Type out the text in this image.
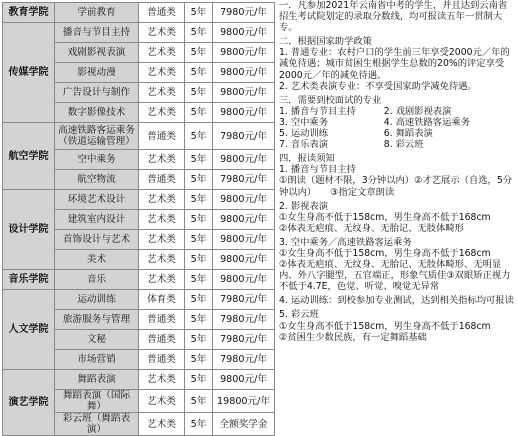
教育学院	学前教育	普通类	5年	7980元/年
传媒学院	播音与节目主持	艺术类	5年	9800元/年
	戏剧影视表演	艺术类	5年	9800元/年
	影视动漫	艺术类	5年	9800元/年
	广告设计与制作	艺术类	5年	9800元/年
	数字影像技术	艺术类	5年	9800元/年
航空学院	高速铁路客运乘务（铁道运输管理）	普通类	5年	7980元/年
	空中乘务	艺术类	5年	9800元/年
	航空物流	普通类	5年	7980元/年
设计学院	环境艺术设计	艺术类	5年	9800元/年
	建筑室内设计	艺术类	5年	9800元/年
	首饰设计与艺术	艺术类	5年	9800元/年
	美术	艺术类	5年	9800元/年
音乐学院	音乐	艺术类	5年	9800元/年
人文学院	运动训练	体育类	5年	7980元/年
	旅游服务与管理	普通类	5年	7980元/年
	文秘	普通类	5年	7980元/年
	市场营销	普通类	5年	7980元/年
演艺学院	舞蹈表演	艺术类	5年	9800元/年
	舞蹈表演（国际舞）	艺术类	5年	19800元/年
	彩云班（舞蹈表演）	艺术类	5年	全额奖学金

一．凡参加2021年云南省中考的学生，并且达到云南省招生考试院划定的录取分数线，均可报读五年一贯制大专。

二．根据国家助学政策
1. 普通专业：农村户口的学生前三年享受2000元／年的减免待遇；城市贫困生根据学生总数的20%的评定享受2000元／年的减免待遇。
2. 艺术类表演专业：不享受国家助学减免待遇。

三．需要到校面试的专业
1. 播音与节目主持　　　2. 戏剧影视表演
3. 空中乘务　　　　　　4. 高速铁路客运乘务
5. 运动训练　　　　　　6. 舞蹈表演
7. 音乐表演　　　　　　8. 彩云班

四．报读须知
1. 播音与节目主持
①朗读（题材不限，3分钟以内）②才艺展示（自选，5分钟以内）　　③指定文章朗读

2. 影视表演
①女生身高不低于158cm，男生身高不低于168cm
②体表无疤痕、无纹身、无胎记、无肢体畸形

3. 空中乘务／高速铁路客运乘务
①女生身高不低于158cm，男生身高不低于168cm
②体表无疤痕、无纹身、无胎记、无肢体畸形、无明显内、外八字腿型，五官端正，形象气质佳③双眼矫正视力不低于4.7E，色觉、听觉、嗅觉无异常

4. 运动训练：到校参加专业测试，达到相关指标均可报读

5. 彩云班
①女生身高不低于158cm，男生身高不低于168cm
②贫困生少数民族，有一定舞蹈基础
